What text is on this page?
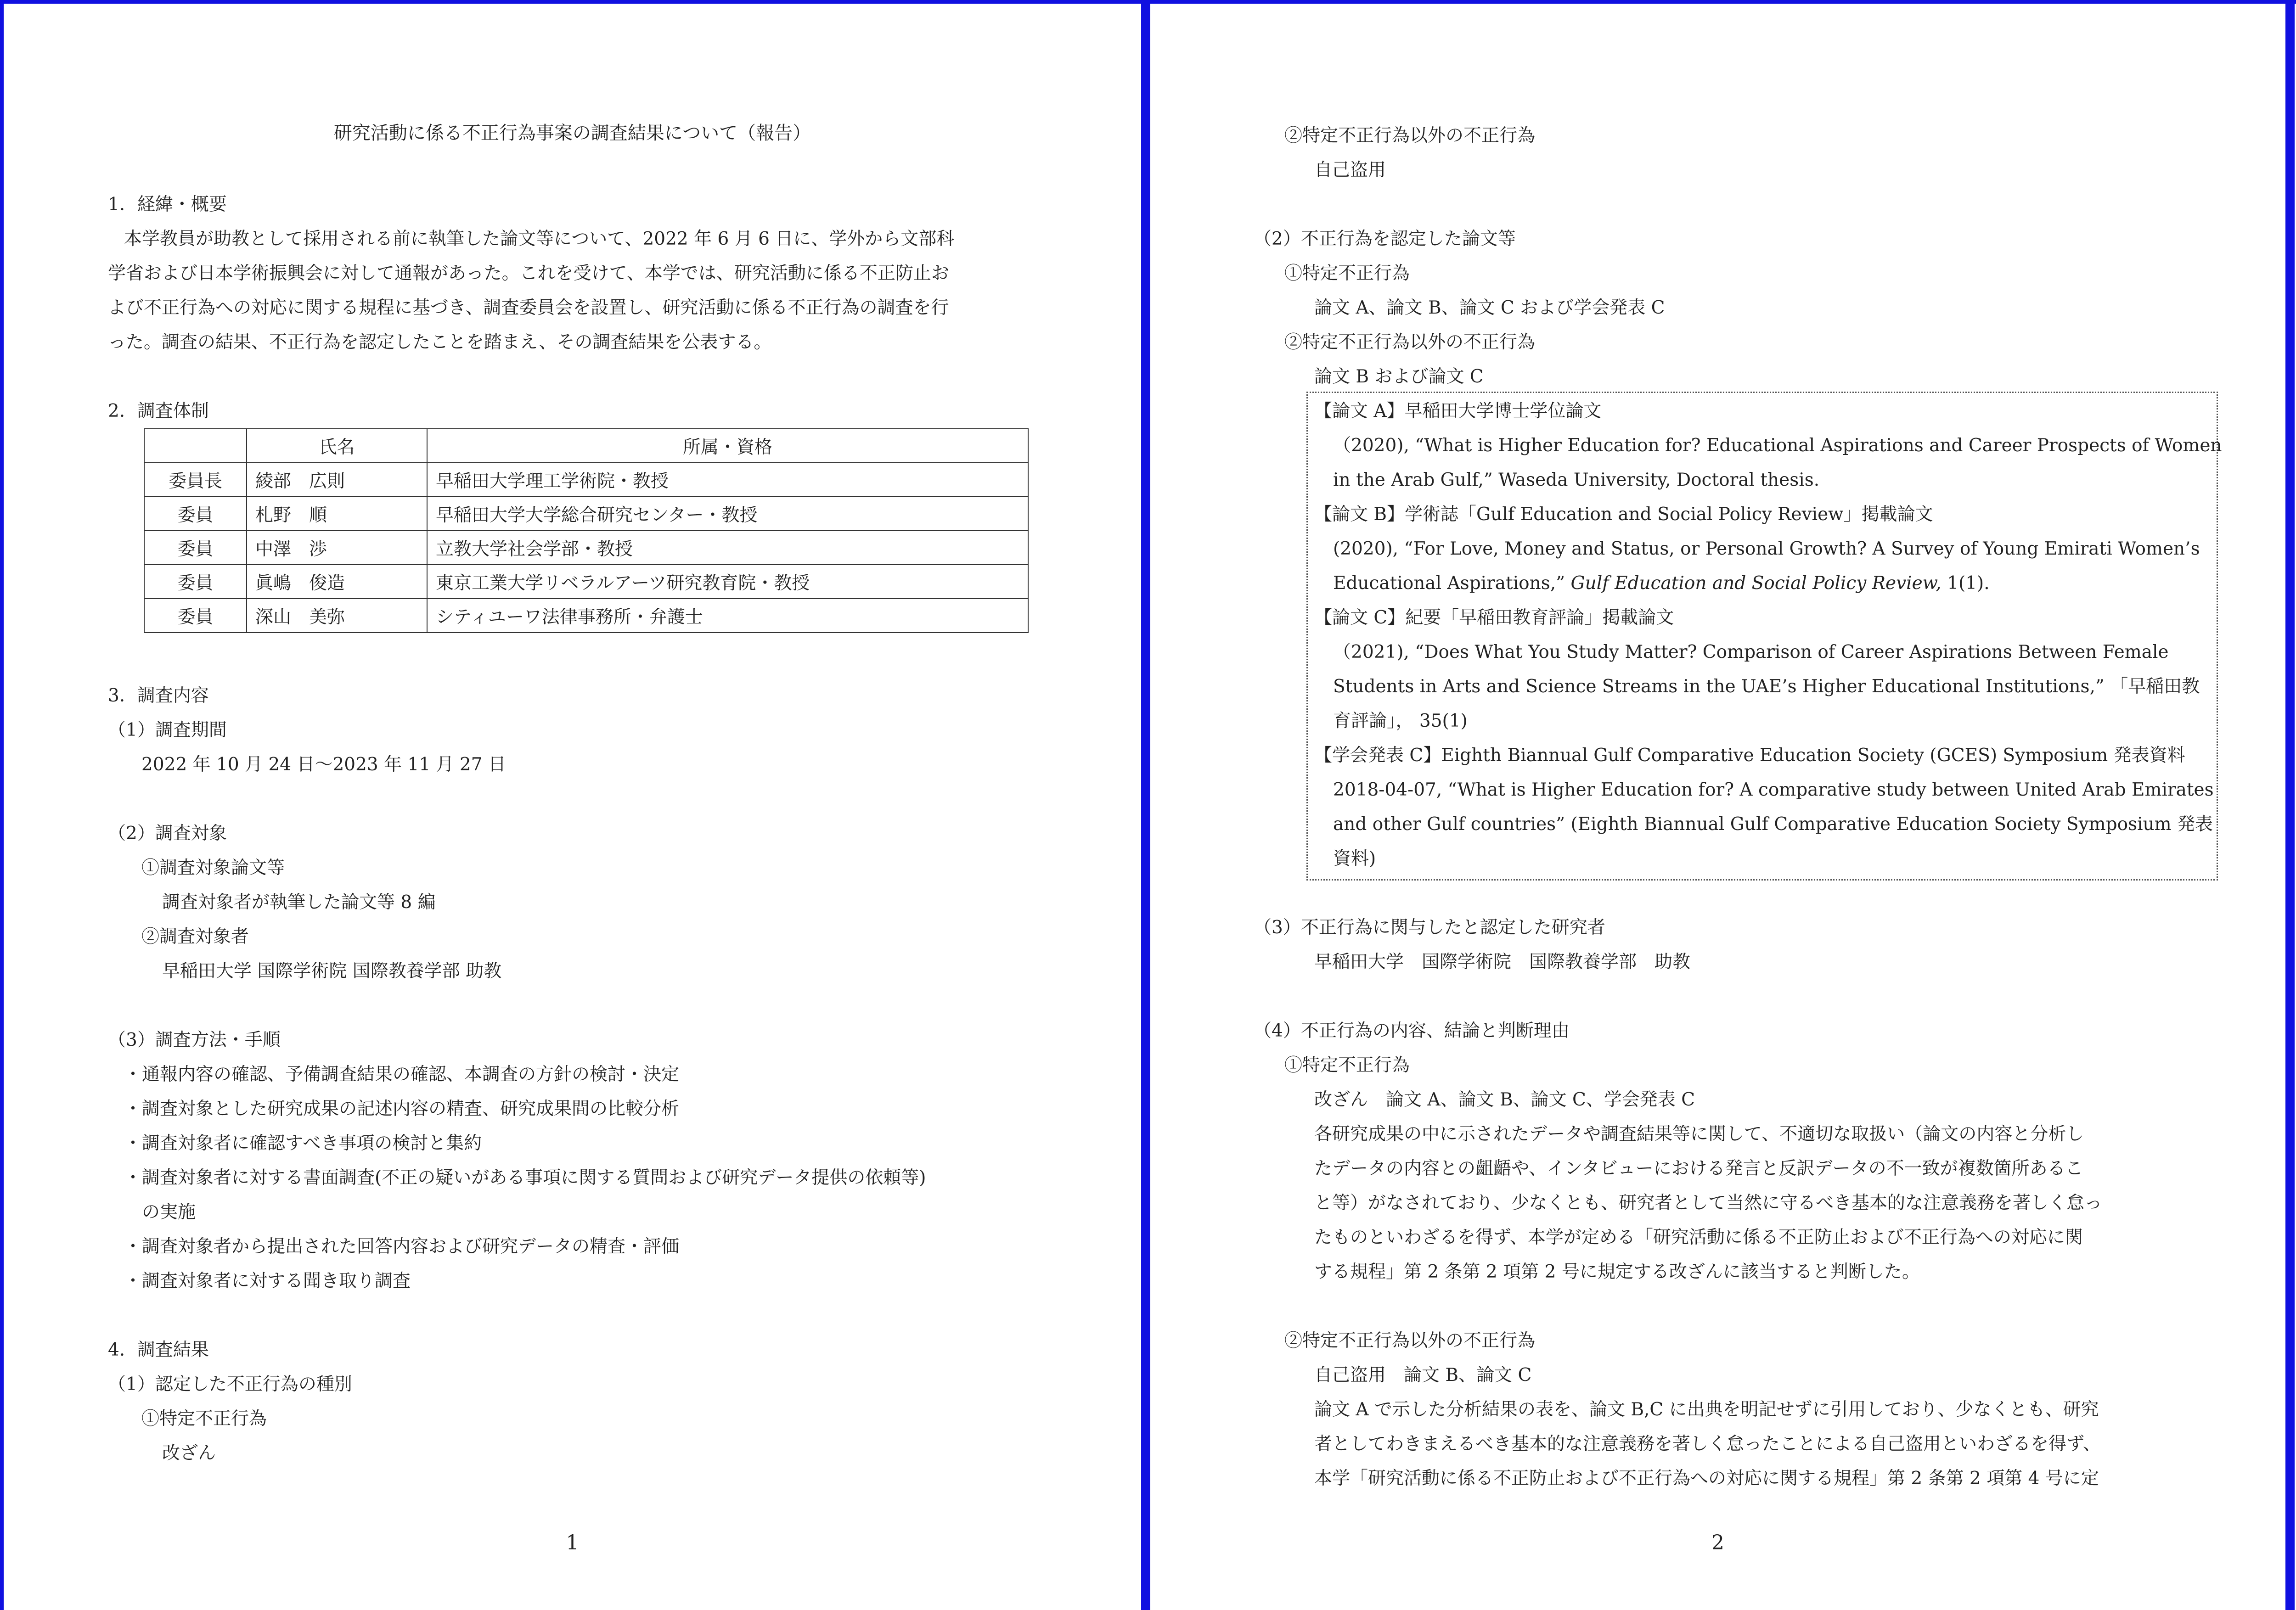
研究活動に係る不正行為事案の調査結果について（報告）
1．経緯・概要
本学教員が助教として採用される前に執筆した論文等について、2022 年 6 月 6 日に、学外から文部科
学省および日本学術振興会に対して通報があった。これを受けて、本学では、研究活動に係る不正防止お
よび不正行為への対応に関する規程に基づき、調査委員会を設置し、研究活動に係る不正行為の調査を行
った。調査の結果、不正行為を認定したことを踏まえ、その調査結果を公表する。
2．調査体制
	氏名	所属・資格
委員長	綾部　広則	早稲田大学理工学術院・教授
委員	札野　順	早稲田大学大学総合研究センター・教授
委員	中澤　渉	立教大学社会学部・教授
委員	眞嶋　俊造	東京工業大学リベラルアーツ研究教育院・教授
委員	深山　美弥	シティユーワ法律事務所・弁護士
3．調査内容
（1）調査期間
2022 年 10 月 24 日～2023 年 11 月 27 日
（2）調査対象
①調査対象論文等
調査対象者が執筆した論文等 8 編
②調査対象者
早稲田大学 国際学術院 国際教養学部 助教
（3）調査方法・手順
・通報内容の確認、予備調査結果の確認、本調査の方針の検討・決定
・調査対象とした研究成果の記述内容の精査、研究成果間の比較分析
・調査対象者に確認すべき事項の検討と集約
・調査対象者に対する書面調査(不正の疑いがある事項に関する質問および研究データ提供の依頼等)
　の実施
・調査対象者から提出された回答内容および研究データの精査・評価
・調査対象者に対する聞き取り調査
4．調査結果
（1）認定した不正行為の種別
①特定不正行為
改ざん
1
②特定不正行為以外の不正行為
自己盗用
（2）不正行為を認定した論文等
①特定不正行為
論文 A、論文 B、論文 C および学会発表 C
②特定不正行為以外の不正行為
論文 B および論文 C
【論文 A】早稲田大学博士学位論文
（2020), “What is Higher Education for? Educational Aspirations and Career Prospects of Women
in the Arab Gulf,” Waseda University, Doctoral thesis.
【論文 B】学術誌「Gulf Education and Social Policy Review」掲載論文
(2020), “For Love, Money and Status, or Personal Growth? A Survey of Young Emirati Women’s
Educational Aspirations,” Gulf Education and Social Policy Review, 1(1).
【論文 C】紀要「早稲田教育評論」掲載論文
（2021), “Does What You Study Matter? Comparison of Career Aspirations Between Female
Students in Arts and Science Streams in the UAE’s Higher Educational Institutions,” 「早稲田教
育評論」， 35(1)
【学会発表 C】Eighth Biannual Gulf Comparative Education Society (GCES) Symposium 発表資料
2018-04-07, “What is Higher Education for? A comparative study between United Arab Emirates
and other Gulf countries” (Eighth Biannual Gulf Comparative Education Society Symposium 発表
資料)
（3）不正行為に関与したと認定した研究者
早稲田大学　国際学術院　国際教養学部　助教
（4）不正行為の内容、結論と判断理由
①特定不正行為
改ざん　論文 A、論文 B、論文 C、学会発表 C
各研究成果の中に示されたデータや調査結果等に関して、不適切な取扱い（論文の内容と分析し
たデータの内容との齟齬や、インタビューにおける発言と反訳データの不一致が複数箇所あるこ
と等）がなされており、少なくとも、研究者として当然に守るべき基本的な注意義務を著しく怠っ
たものといわざるを得ず、本学が定める「研究活動に係る不正防止および不正行為への対応に関
する規程」第 2 条第 2 項第 2 号に規定する改ざんに該当すると判断した。
②特定不正行為以外の不正行為
自己盗用　論文 B、論文 C
論文 A で示した分析結果の表を、論文 B,C に出典を明記せずに引用しており、少なくとも、研究
者としてわきまえるべき基本的な注意義務を著しく怠ったことによる自己盗用といわざるを得ず、
本学「研究活動に係る不正防止および不正行為への対応に関する規程」第 2 条第 2 項第 4 号に定
2
